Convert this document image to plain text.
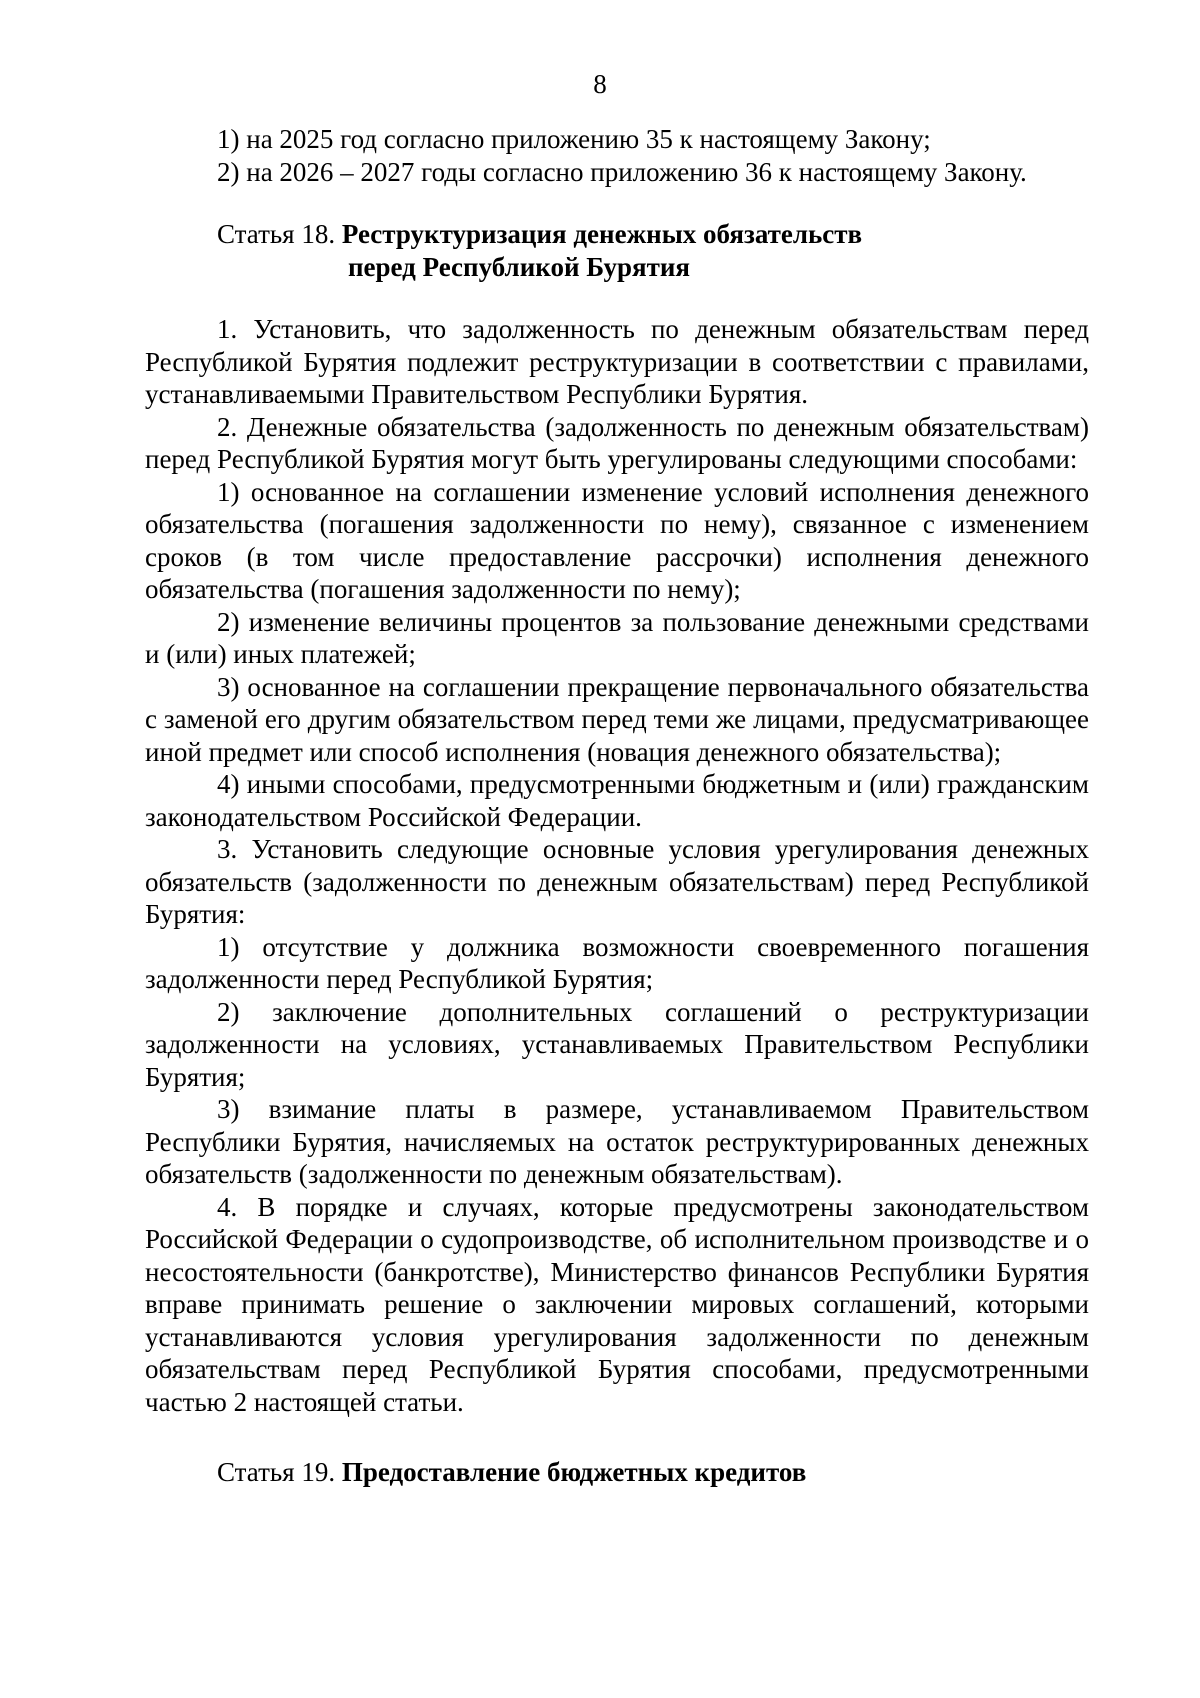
8

1) на 2025 год согласно приложению 35 к настоящему Закону;

2) на 2026 – 2027 годы согласно приложению 36 к настоящему Закону.

Статья 18. Реструктуризация денежных обязательств
перед Республикой Бурятия

1. Установить, что задолженность по денежным обязательствам перед Республикой Бурятия подлежит реструктуризации в соответствии с правилами, устанавливаемыми Правительством Республики Бурятия.

2. Денежные обязательства (задолженность по денежным обязательствам) перед Республикой Бурятия могут быть урегулированы следующими способами:

1) основанное на соглашении изменение условий исполнения денежного обязательства (погашения задолженности по нему), связанное с изменением сроков (в том числе предоставление рассрочки) исполнения денежного обязательства (погашения задолженности по нему);

2) изменение величины процентов за пользование денежными средствами и (или) иных платежей;

3) основанное на соглашении прекращение первоначального обязательства с заменой его другим обязательством перед теми же лицами, предусматривающее иной предмет или способ исполнения (новация денежного обязательства);

4) иными способами, предусмотренными бюджетным и (или) гражданским законодательством Российской Федерации.

3. Установить следующие основные условия урегулирования денежных обязательств (задолженности по денежным обязательствам) перед Республикой Бурятия:

1) отсутствие у должника возможности своевременного погашения задолженности перед Республикой Бурятия;

2) заключение дополнительных соглашений о реструктуризации задолженности на условиях, устанавливаемых Правительством Республики Бурятия;

3) взимание платы в размере, устанавливаемом Правительством Республики Бурятия, начисляемых на остаток реструктурированных денежных обязательств (задолженности по денежным обязательствам).

4. В порядке и случаях, которые предусмотрены законодательством Российской Федерации о судопроизводстве, об исполнительном производстве и о несостоятельности (банкротстве), Министерство финансов Республики Бурятия вправе принимать решение о заключении мировых соглашений, которыми устанавливаются условия урегулирования задолженности по денежным обязательствам перед Республикой Бурятия способами, предусмотренными частью 2 настоящей статьи.

Статья 19. Предоставление бюджетных кредитов
